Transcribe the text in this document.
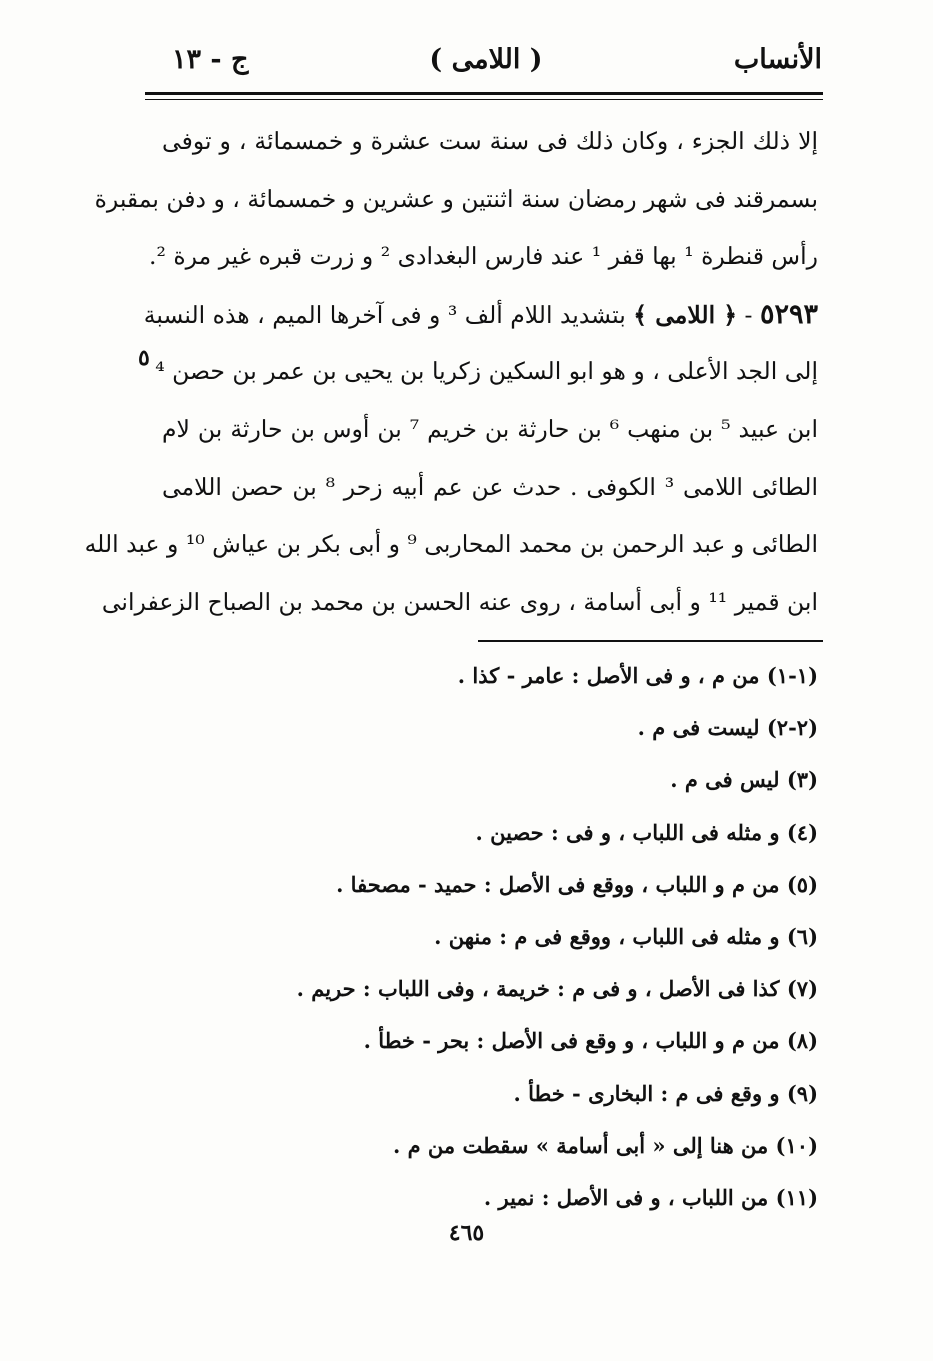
الأنساب
( اللامى )
ج - ١٣
إلا ذلك الجزء ، وكان ذلك فى سنة ست عشرة و خمسمائة ، و توفى
بسمرقند فى شهر رمضان سنة اثنتين و عشرين و خمسمائة ، و دفن بمقبرة
رأس قنطرة ¹ بها قفر ¹ عند فارس البغدادى ² و زرت قبره غير مرة ².
٥٢٩٣ - ﴿ اللامى ﴾ بتشديد اللام ألف ³ و فى آخرها الميم ، هذه النسبة
إلى الجد الأعلى ، و هو ابو السكين زكريا بن يحيى بن عمر بن حصن ⁴
ابن عبيد ⁵ بن منهب ⁶ بن حارثة بن خريم ⁷ بن أوس بن حارثة بن لام
الطائى اللامى ³ الكوفى . حدث عن عم أبيه زحر ⁸ بن حصن اللامى
الطائى و عبد الرحمن بن محمد المحاربى ⁹ و أبى بكر بن عياش ¹⁰ و عبد الله
ابن قمير ¹¹ و أبى أسامة ، روى عنه الحسن بن محمد بن الصباح الزعفرانى
٥
(١-١) من م ، و فى الأصل : عامر - كذا .
(٢-٢) ليست فى م .
(٣) ليس فى م .
(٤) و مثله فى اللباب ، و فى : حصين .
(٥) من م و اللباب ، ووقع فى الأصل : حميد - مصحفا .
(٦) و مثله فى اللباب ، ووقع فى م : منهن .
(٧) كذا فى الأصل ، و فى م : خريمة ، وفى اللباب : حريم .
(٨) من م و اللباب ، و وقع فى الأصل : بحر - خطأ .
(٩) و وقع فى م : البخارى - خطأ .
(١٠) من هنا إلى « أبى أسامة » سقطت من م .
(١١) من اللباب ، و فى الأصل : نمير .
٤٦٥
